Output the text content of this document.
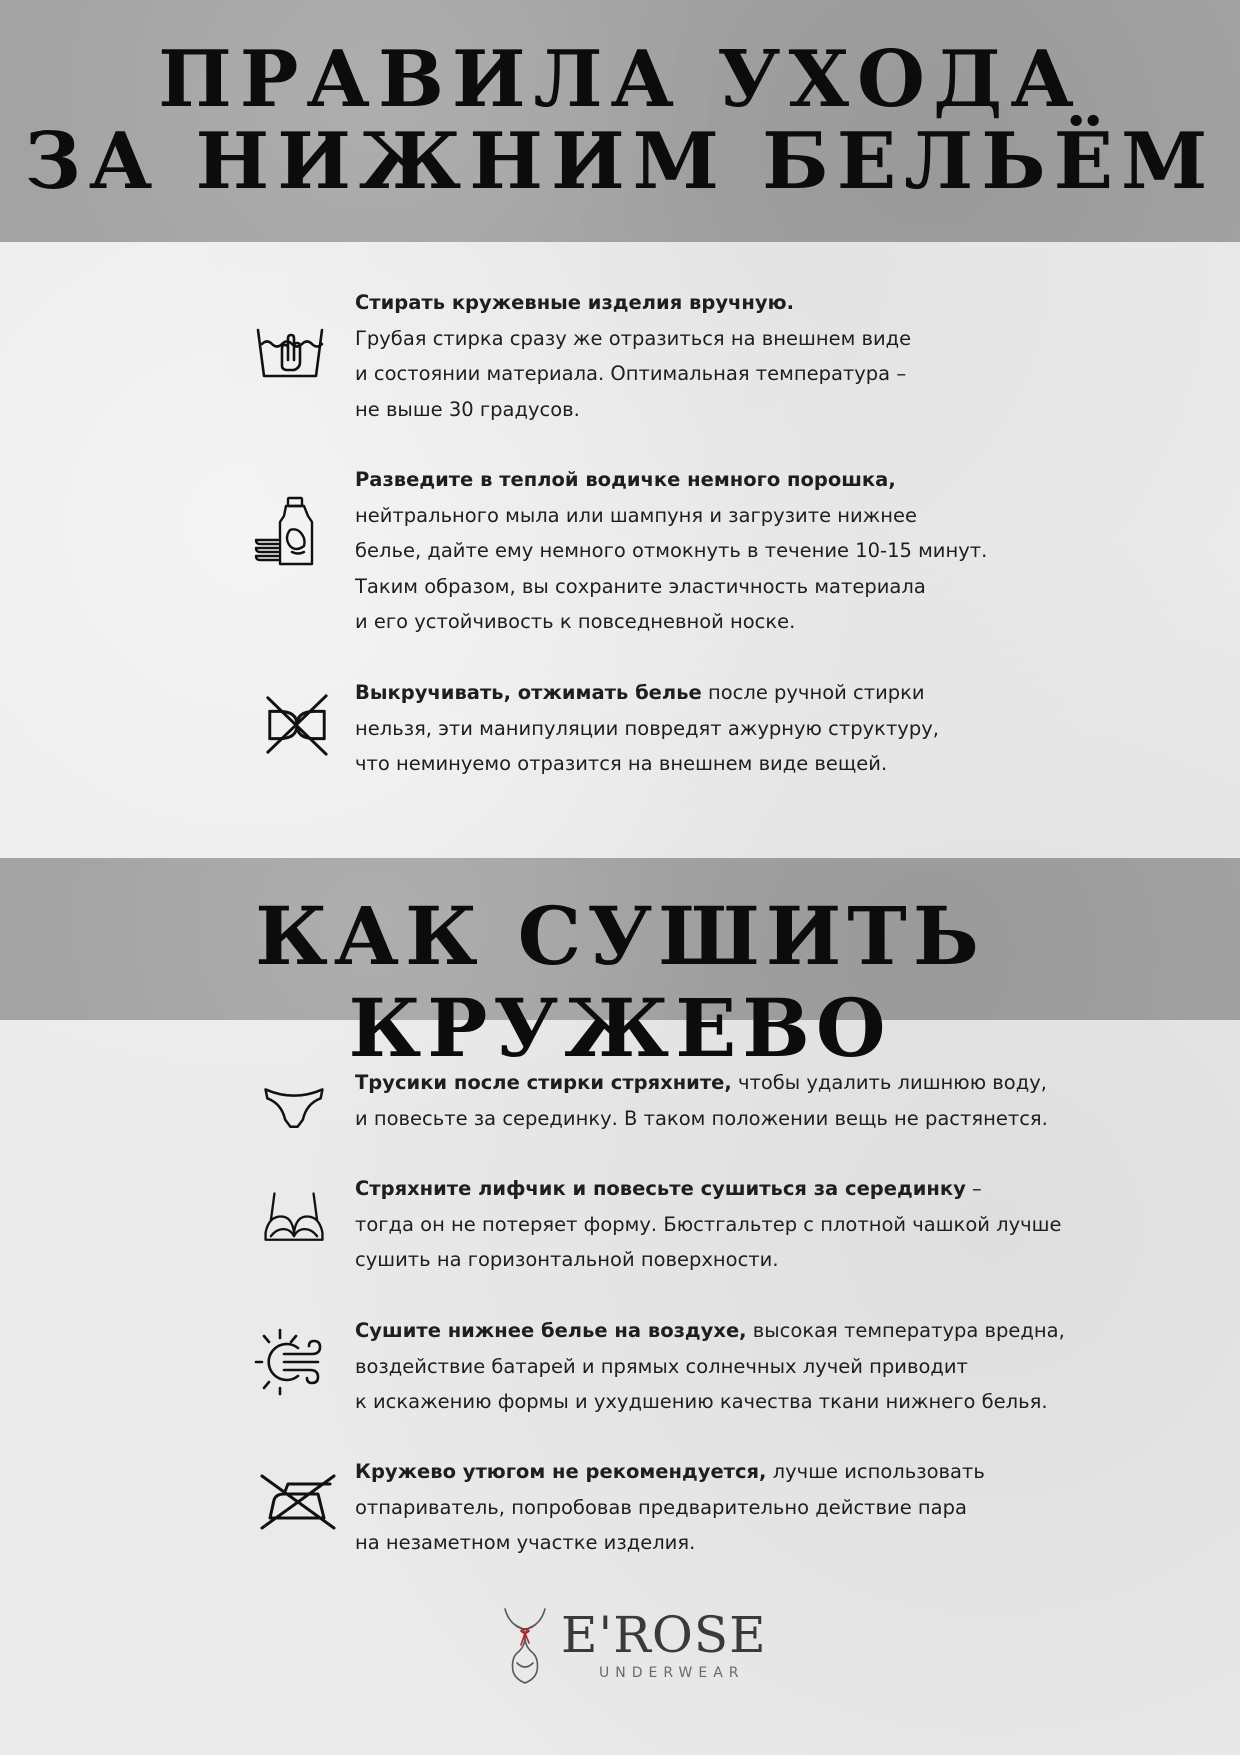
ПРАВИЛА УХОДА
ЗА НИЖНИМ БЕЛЬЁМ
Стирать кружевные изделия вручную.
Грубая стирка сразу же отразиться на внешнем виде
и состоянии материала. Оптимальная температура –
не выше 30 градусов.
Разведите в теплой водичке немного порошка,
нейтрального мыла или шампуня и загрузите нижнее
белье, дайте ему немного отмокнуть в течение 10-15 минут.
Таким образом, вы сохраните эластичность материала
и его устойчивость к повседневной носке.
Выкручивать, отжимать белье после ручной стирки
нельзя, эти манипуляции повредят ажурную структуру,
что неминуемо отразится на внешнем виде вещей.
КАК СУШИТЬ КРУЖЕВО
Трусики после стирки стряхните, чтобы удалить лишнюю воду,
и повесьте за серединку. В таком положении вещь не растянется.
Стряхните лифчик и повесьте сушиться за серединку –
тогда он не потеряет форму. Бюстгальтер с плотной чашкой лучше
сушить на горизонтальной поверхности.
Сушите нижнее белье на воздухе, высокая температура вредна,
воздействие батарей и прямых солнечных лучей приводит
к искажению формы и ухудшению качества ткани нижнего белья.
Кружево утюгом не рекомендуется, лучше использовать
отпариватель, попробовав предварительно действие пара
на незаметном участке изделия.
E'ROSE
UNDERWEAR
